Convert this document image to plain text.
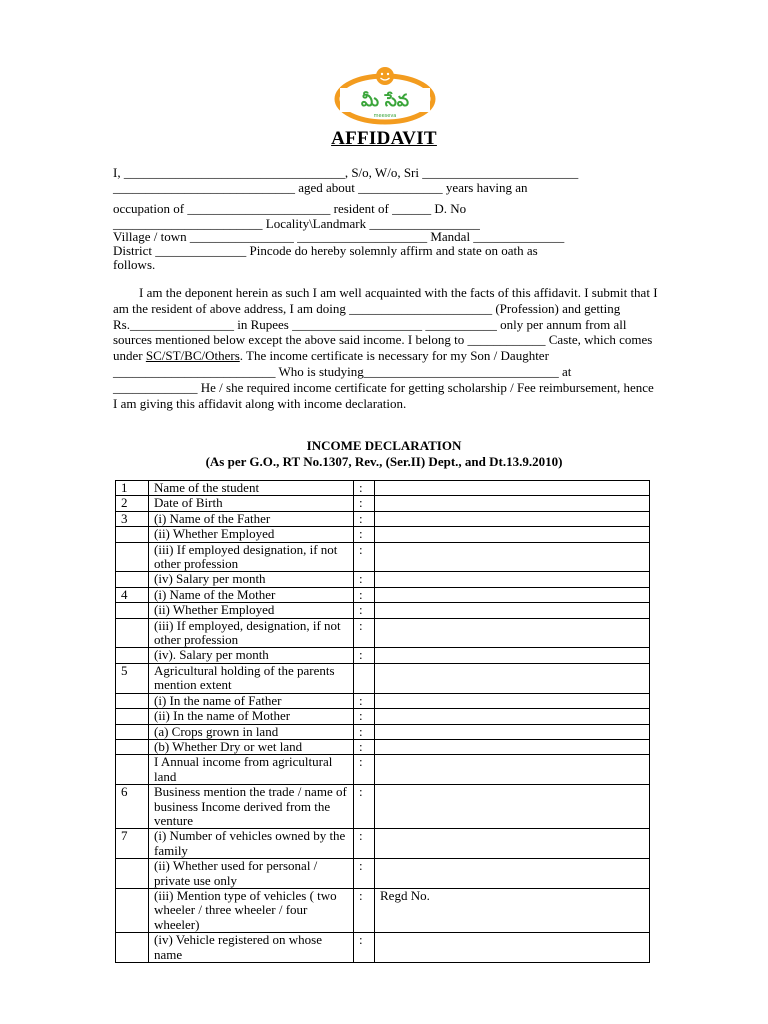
మీ సేవ
meeseva
AFFIDAVIT
I, __________________________________, S/o, W/o, Sri ________________________
____________________________ aged about _____________ years having an
occupation of ______________________ resident of ______ D. No
_______________________ Locality\Landmark _________________
Village / town ________________ ____________________ Mandal ______________
District ______________ Pincode do hereby solemnly affirm and state on oath as
follows.
I am the deponent herein as such I am well acquainted with the facts of this affidavit. I submit that I am the resident of above address, I am doing ______________________ (Profession) and getting Rs.________________ in Rupees ____________________ ___________ only per annum from all sources mentioned below except the above said income. I belong to ____________ Caste, which comes under SC/ST/BC/Others. The income certificate is necessary for my Son / Daughter _________________________ Who is studying______________________________ at _____________ He / she required income certificate for getting scholarship / Fee reimbursement, hence I am giving this affidavit along with income declaration.
INCOME DECLARATION
(As per G.O., RT No.1307, Rev., (Ser.II) Dept., and Dt.13.9.2010)
1	Name of the student	:	
2	Date of Birth	:	
3	(i) Name of the Father	:	
	(ii) Whether Employed	:	
	(iii) If employed designation, if not other profession	:	
	(iv) Salary per month	:	
4	(i) Name of the Mother	:	
	(ii) Whether Employed	:	
	(iii) If employed, designation, if not other profession	:	
	(iv). Salary per month	:	
5	Agricultural holding of the parents mention extent		
	(i) In the name of Father	:	
	(ii) In the name of Mother	:	
	(a) Crops grown in land	:	
	(b) Whether Dry or wet land	:	
	I Annual income from agricultural land	:	
6	Business mention the trade / name of business Income derived from the venture	:	
7	(i) Number of vehicles owned by the family	:	
	(ii) Whether used for personal / private use only	:	
	(iii) Mention type of vehicles ( two wheeler / three wheeler / four wheeler)	:	Regd No.
	(iv) Vehicle registered on whose name	:	
